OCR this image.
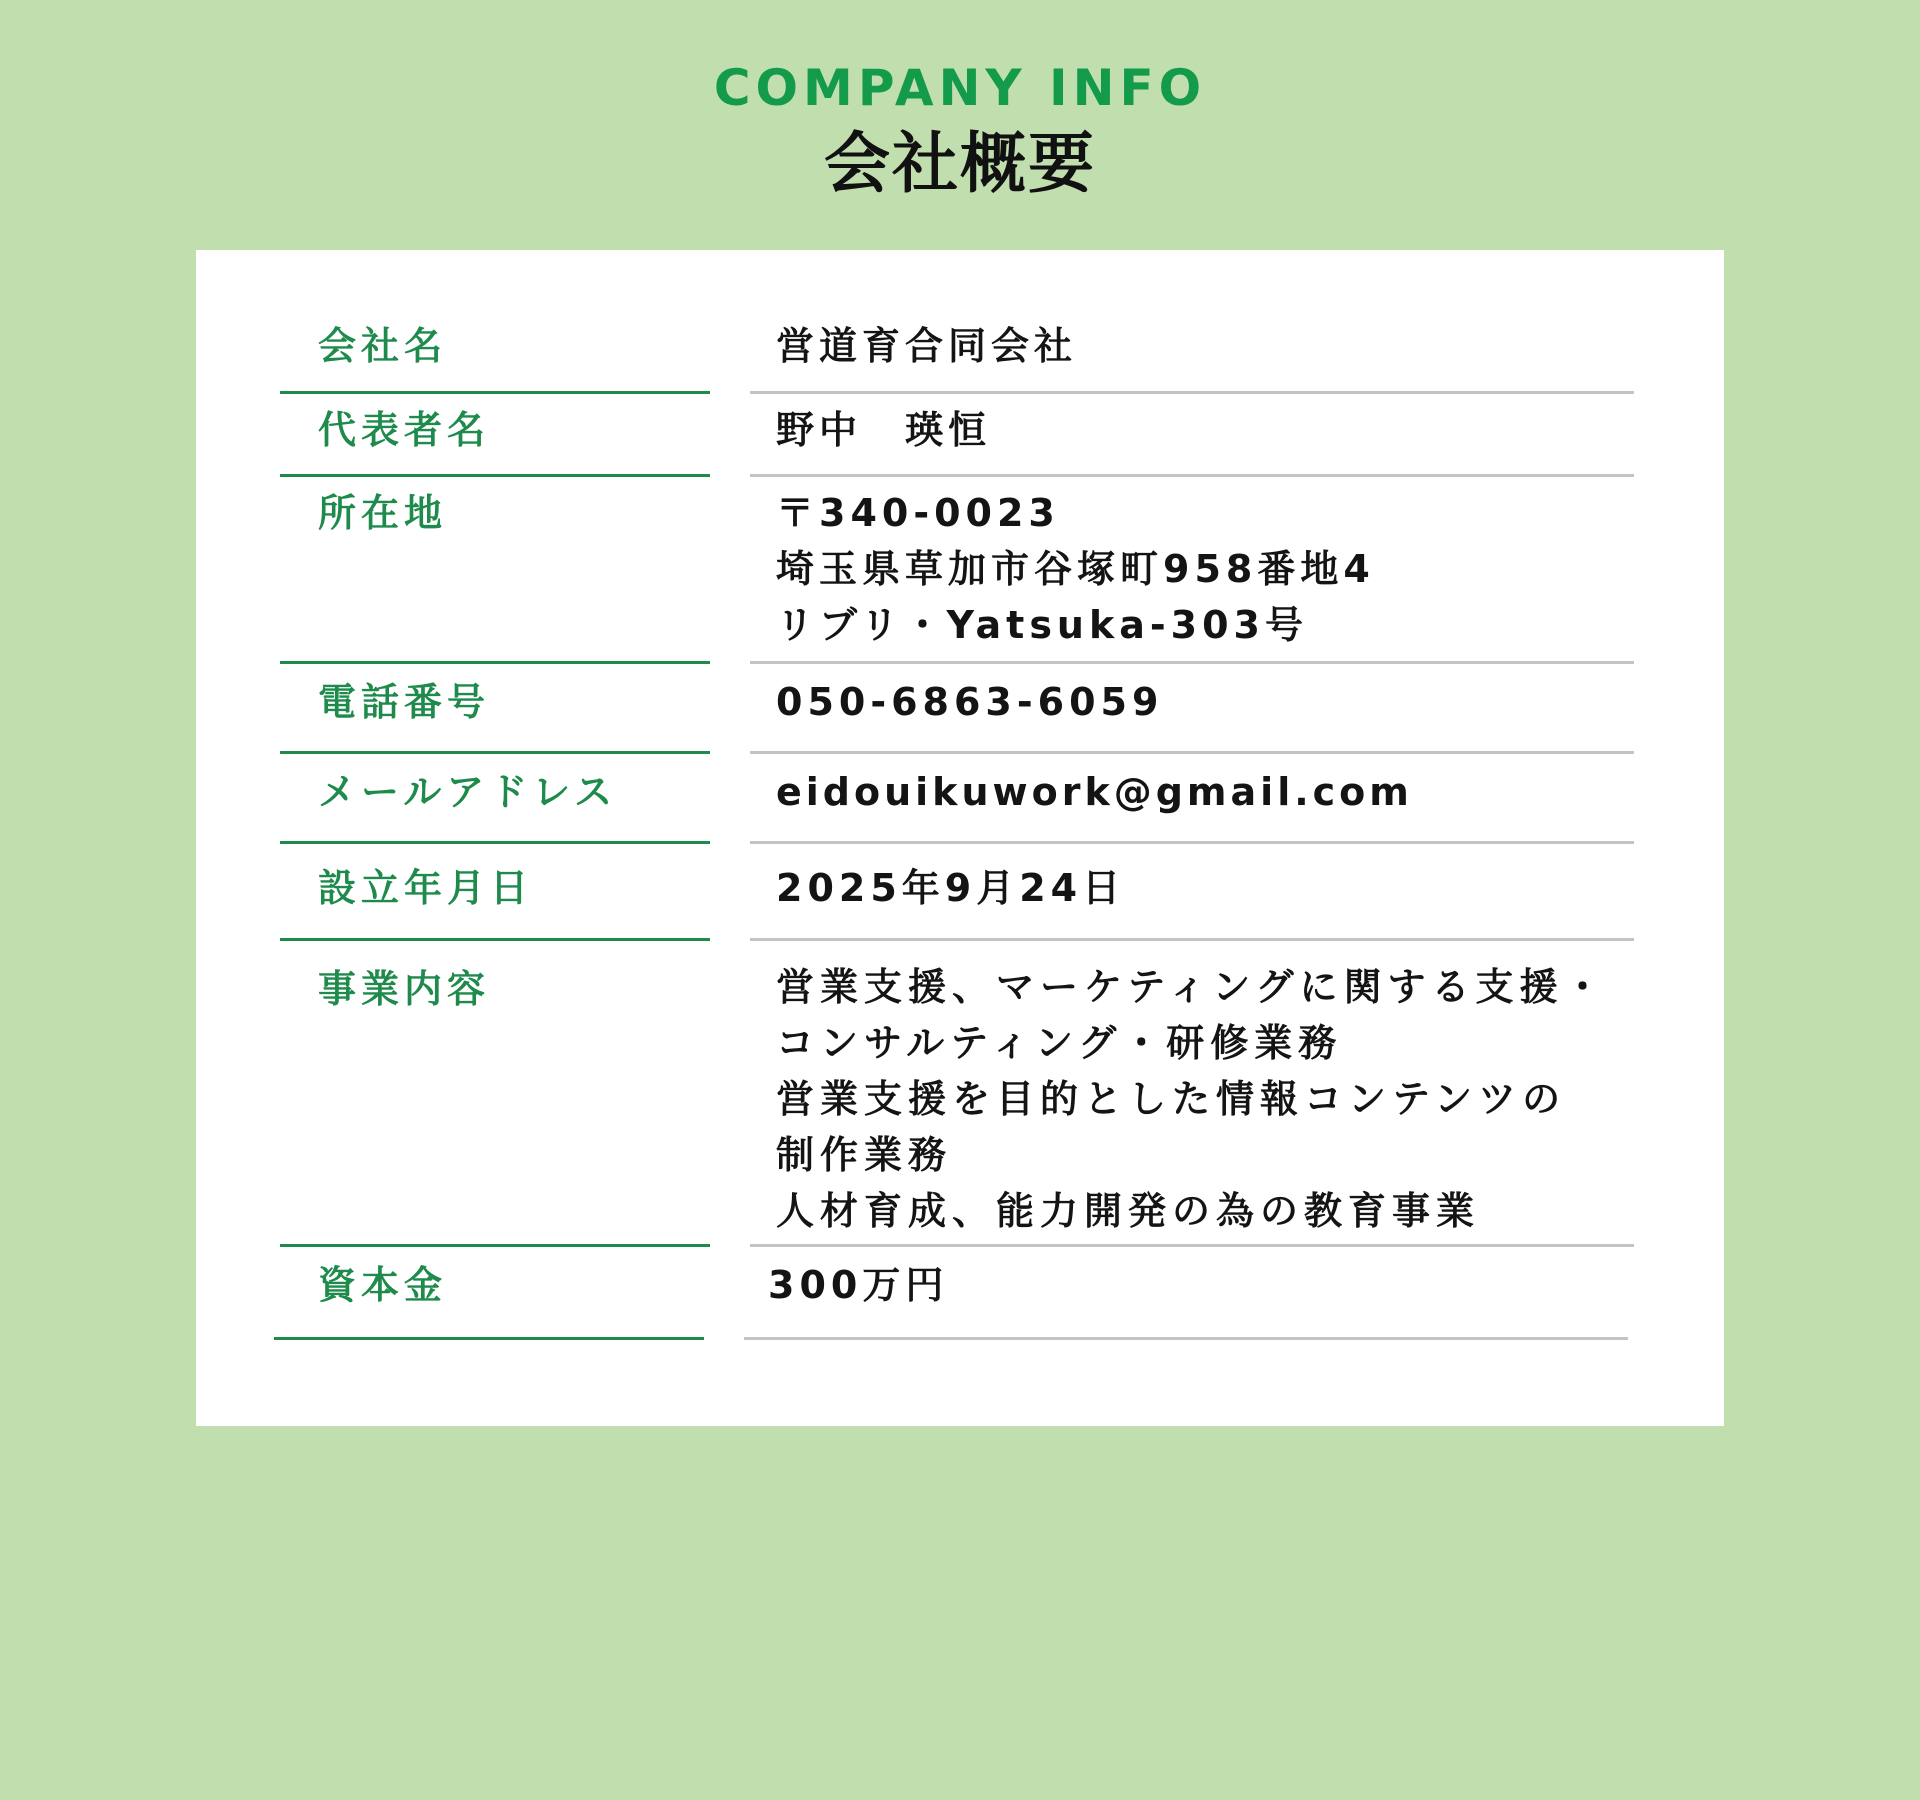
COMPANY INFO
会社概要
会社名	営道育合同会社
代表者名	野中　瑛恒
所在地	〒340-0023
埼玉県草加市谷塚町958番地4
リブリ・Yatsuka-303号
電話番号	050-6863-6059
メールアドレス	eidouikuwork@gmail.com
設立年月日	2025年9月24日
事業内容	営業支援、マーケティングに関する支援・
コンサルティング・研修業務
営業支援を目的とした情報コンテンツの
制作業務
人材育成、能力開発の為の教育事業
資本金	300万円
